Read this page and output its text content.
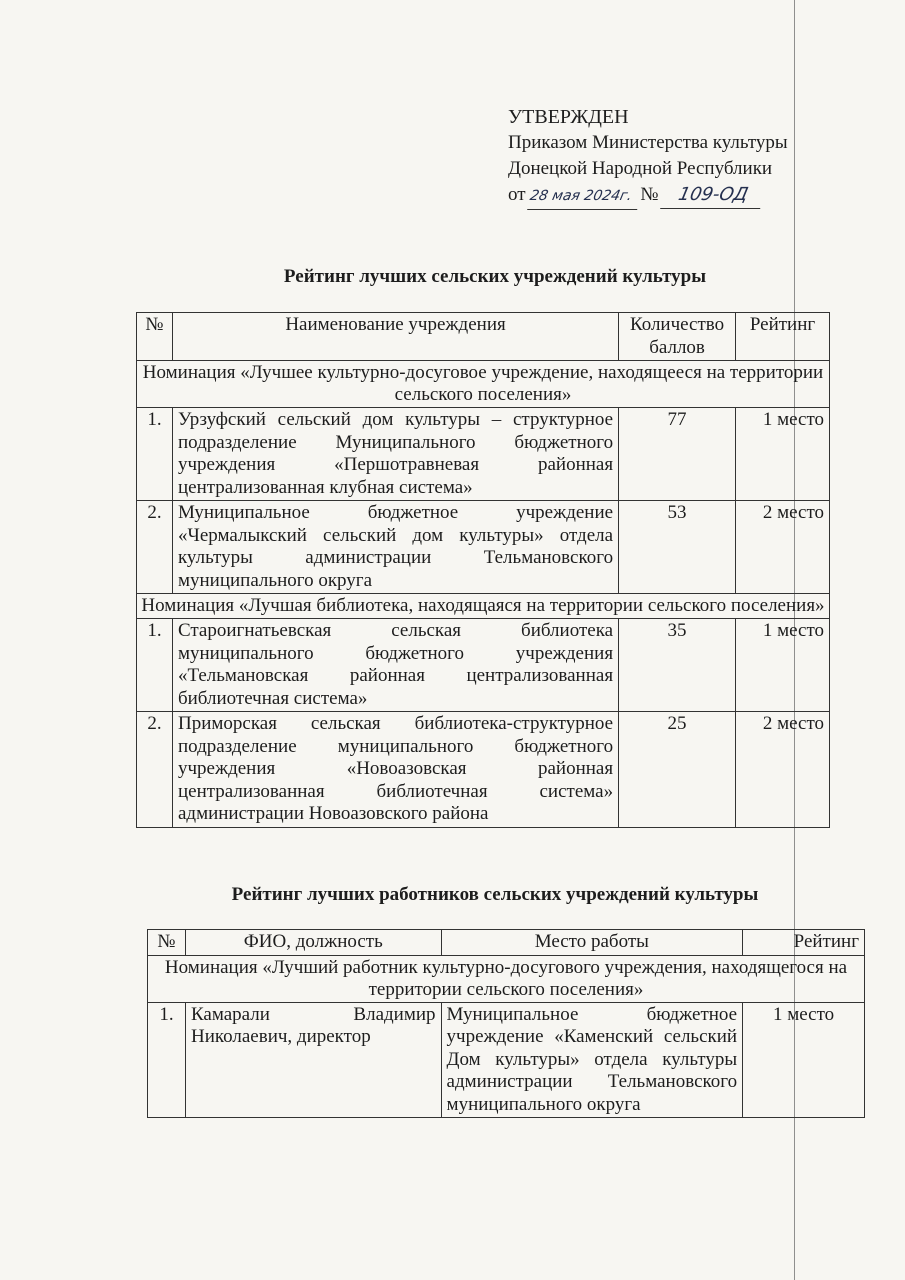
УТВЕРЖДЕН
Приказом Министерства культуры
Донецкой Народной Республики
от 28 мая 2024г. № 109-ОД
Рейтинг лучших сельских учреждений культуры
№	Наименование учреждения	Количество баллов	Рейтинг
Номинация «Лучшее культурно-досуговое учреждение, находящееся на территории сельского поселения»			
1.	Урзуфский сельский дом культуры – структурное подразделение Муниципального бюджетного учреждения «Першотравневая районная централизованная клубная система»	77	1 место
2.	Муниципальное бюджетное учреждение «Чермалыкский сельский дом культуры» отдела культуры администрации Тельмановского муниципального округа	53	2 место
Номинация «Лучшая библиотека, находящаяся на территории сельского поселения»			
1.	Староигнатьевская сельская библиотека муниципального бюджетного учреждения «Тельмановская районная централизованная библиотечная система»	35	1 место
2.	Приморская сельская библиотека-структурное подразделение муниципального бюджетного учреждения «Новоазовская районная централизованная библиотечная система» администрации Новоазовского района	25	2 место
Рейтинг лучших работников сельских учреждений культуры
№	ФИО, должность	Место работы	Рейтинг
Номинация «Лучший работник культурно-досугового учреждения, находящегося на территории сельского поселения»			
1.	Камарали Владимир Николаевич, директор	Муниципальное бюджетное учреждение «Каменский сельский Дом культуры» отдела культуры администрации Тельмановского муниципального округа	1 место
